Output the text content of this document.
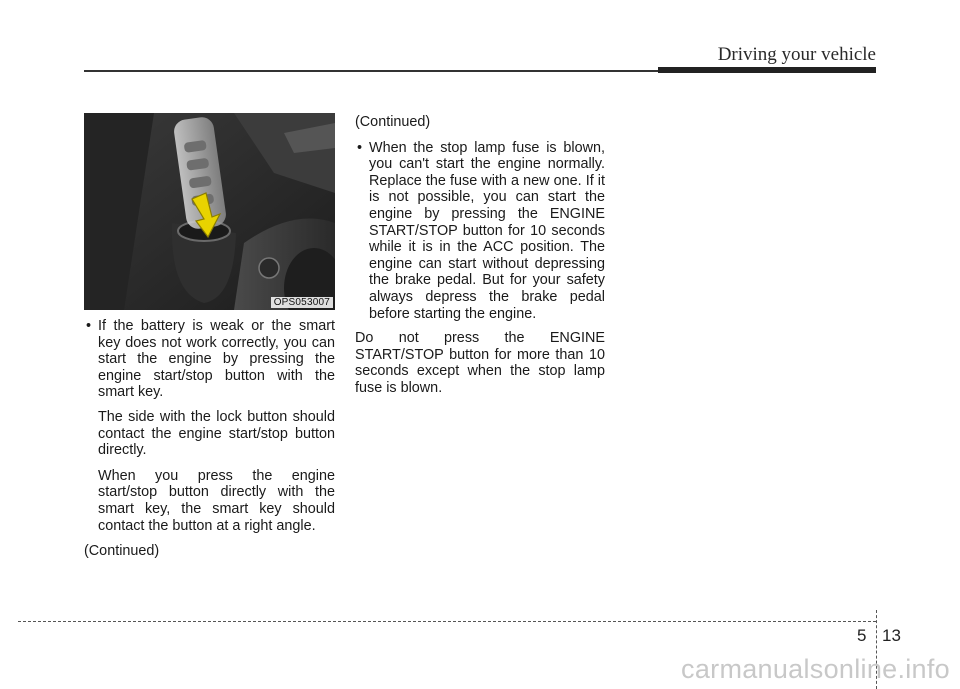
Driving your vehicle
OPS053007
• If the battery is weak or the smart key does not work correctly, you can start the engine by pressing the engine start/stop button with the smart key.
The side with the lock button should contact the engine start/stop button directly.
When you press the engine start/stop button directly with the smart key, the smart key should contact the button at a right angle.

(Continued)

(Continued)

• When the stop lamp fuse is blown, you can't start the engine normally. Replace the fuse with a new one. If it is not possible, you can start the engine by pressing the ENGINE START/STOP button for 10 seconds while it is in the ACC position. The engine can start without depressing the brake pedal. But for your safety always depress the brake pedal before starting the engine.

Do not press the ENGINE START/STOP button for more than 10 seconds except when the stop lamp fuse is blown.

5 13
carmanualsonline.info
